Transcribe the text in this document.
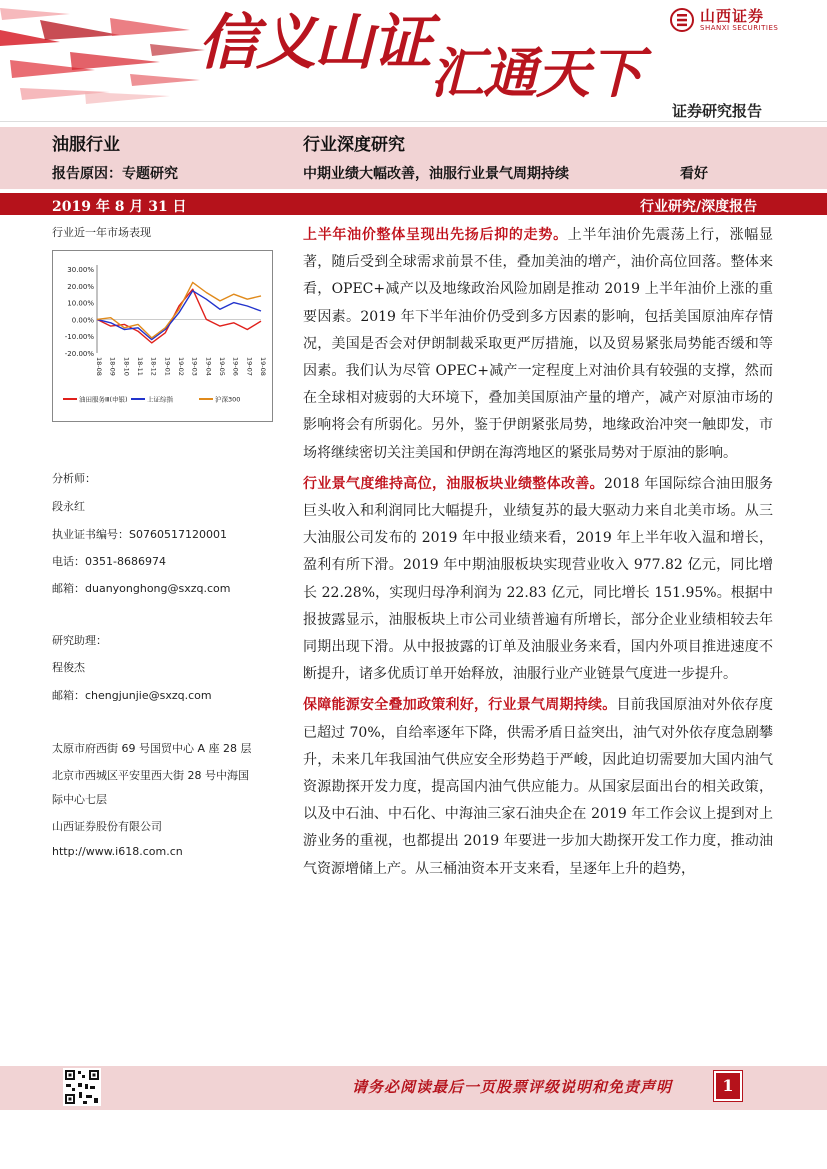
山西证券
SHANXI SECURITIES
信义山证 汇通天下
证券研究报告
油服行业	行业深度研究
报告原因：专题研究	中期业绩大幅改善，油服行业景气周期持续	看好
2019 年 8 月 31 日	行业研究/深度报告
行业近一年市场表现
30.00%
20.00%
10.00%
0.00%
-10.00%
-20.00%
18-08 18-09 18-10 18-11 18-12 19-01 19-02 19-03 19-04 19-05 19-06 19-07 19-08
油田服务Ⅲ(申银)	上证综指	沪深300
分析师：
段永红
执业证书编号：S0760517120001
电话：0351-8686974
邮箱：duanyonghong@sxzq.com
研究助理：
程俊杰
邮箱：chengjunjie@sxzq.com
太原市府西街 69 号国贸中心 A 座 28 层
北京市西城区平安里西大街 28 号中海国
际中心七层
山西证券股份有限公司
http://www.i618.com.cn

上半年油价整体呈现出先扬后抑的走势。上半年油价先震荡上行，涨幅显著，随后受到全球需求前景不佳，叠加美油的增产，油价高位回落。整体来看，OPEC+减产以及地缘政治风险加剧是推动 2019 上半年油价上涨的重要因素。2019 年下半年油价仍受到多方因素的影响，包括美国原油库存情况，美国是否会对伊朗制裁采取更严厉措施，以及贸易紧张局势能否缓和等因素。我们认为尽管 OPEC+减产一定程度上对油价具有较强的支撑，然而在全球相对疲弱的大环境下，叠加美国原油产量的增产，减产对原油市场的影响将会有所弱化。另外，鉴于伊朗紧张局势，地缘政治冲突一触即发，市场将继续密切关注美国和伊朗在海湾地区的紧张局势对于原油的影响。

行业景气度维持高位，油服板块业绩整体改善。2018 年国际综合油田服务巨头收入和利润同比大幅提升，业绩复苏的最大驱动力来自北美市场。从三大油服公司发布的 2019 年中报业绩来看，2019 年上半年收入温和增长，盈利有所下滑。2019 年中期油服板块实现营业收入 977.82 亿元，同比增长 22.28%，实现归母净利润为 22.83 亿元，同比增长 151.95%。根据中报披露显示，油服板块上市公司业绩普遍有所增长，部分企业业绩相较去年同期出现下滑。从中报披露的订单及油服业务来看，国内外项目推进速度不断提升，诸多优质订单开始释放，油服行业产业链景气度进一步提升。

保障能源安全叠加政策利好，行业景气周期持续。目前我国原油对外依存度已超过 70%，自给率逐年下降，供需矛盾日益突出，油气对外依存度急剧攀升，未来几年我国油气供应安全形势趋于严峻，因此迫切需要加大国内油气资源勘探开发力度，提高国内油气供应能力。从国家层面出台的相关政策，以及中石油、中石化、中海油三家石油央企在 2019 年工作会议上提到对上游业务的重视，也都提出 2019 年要进一步加大勘探开发工作力度，推动油气资源增储上产。从三桶油资本开支来看，呈逐年上升的趋势，

请务必阅读最后一页股票评级说明和免责声明	1
